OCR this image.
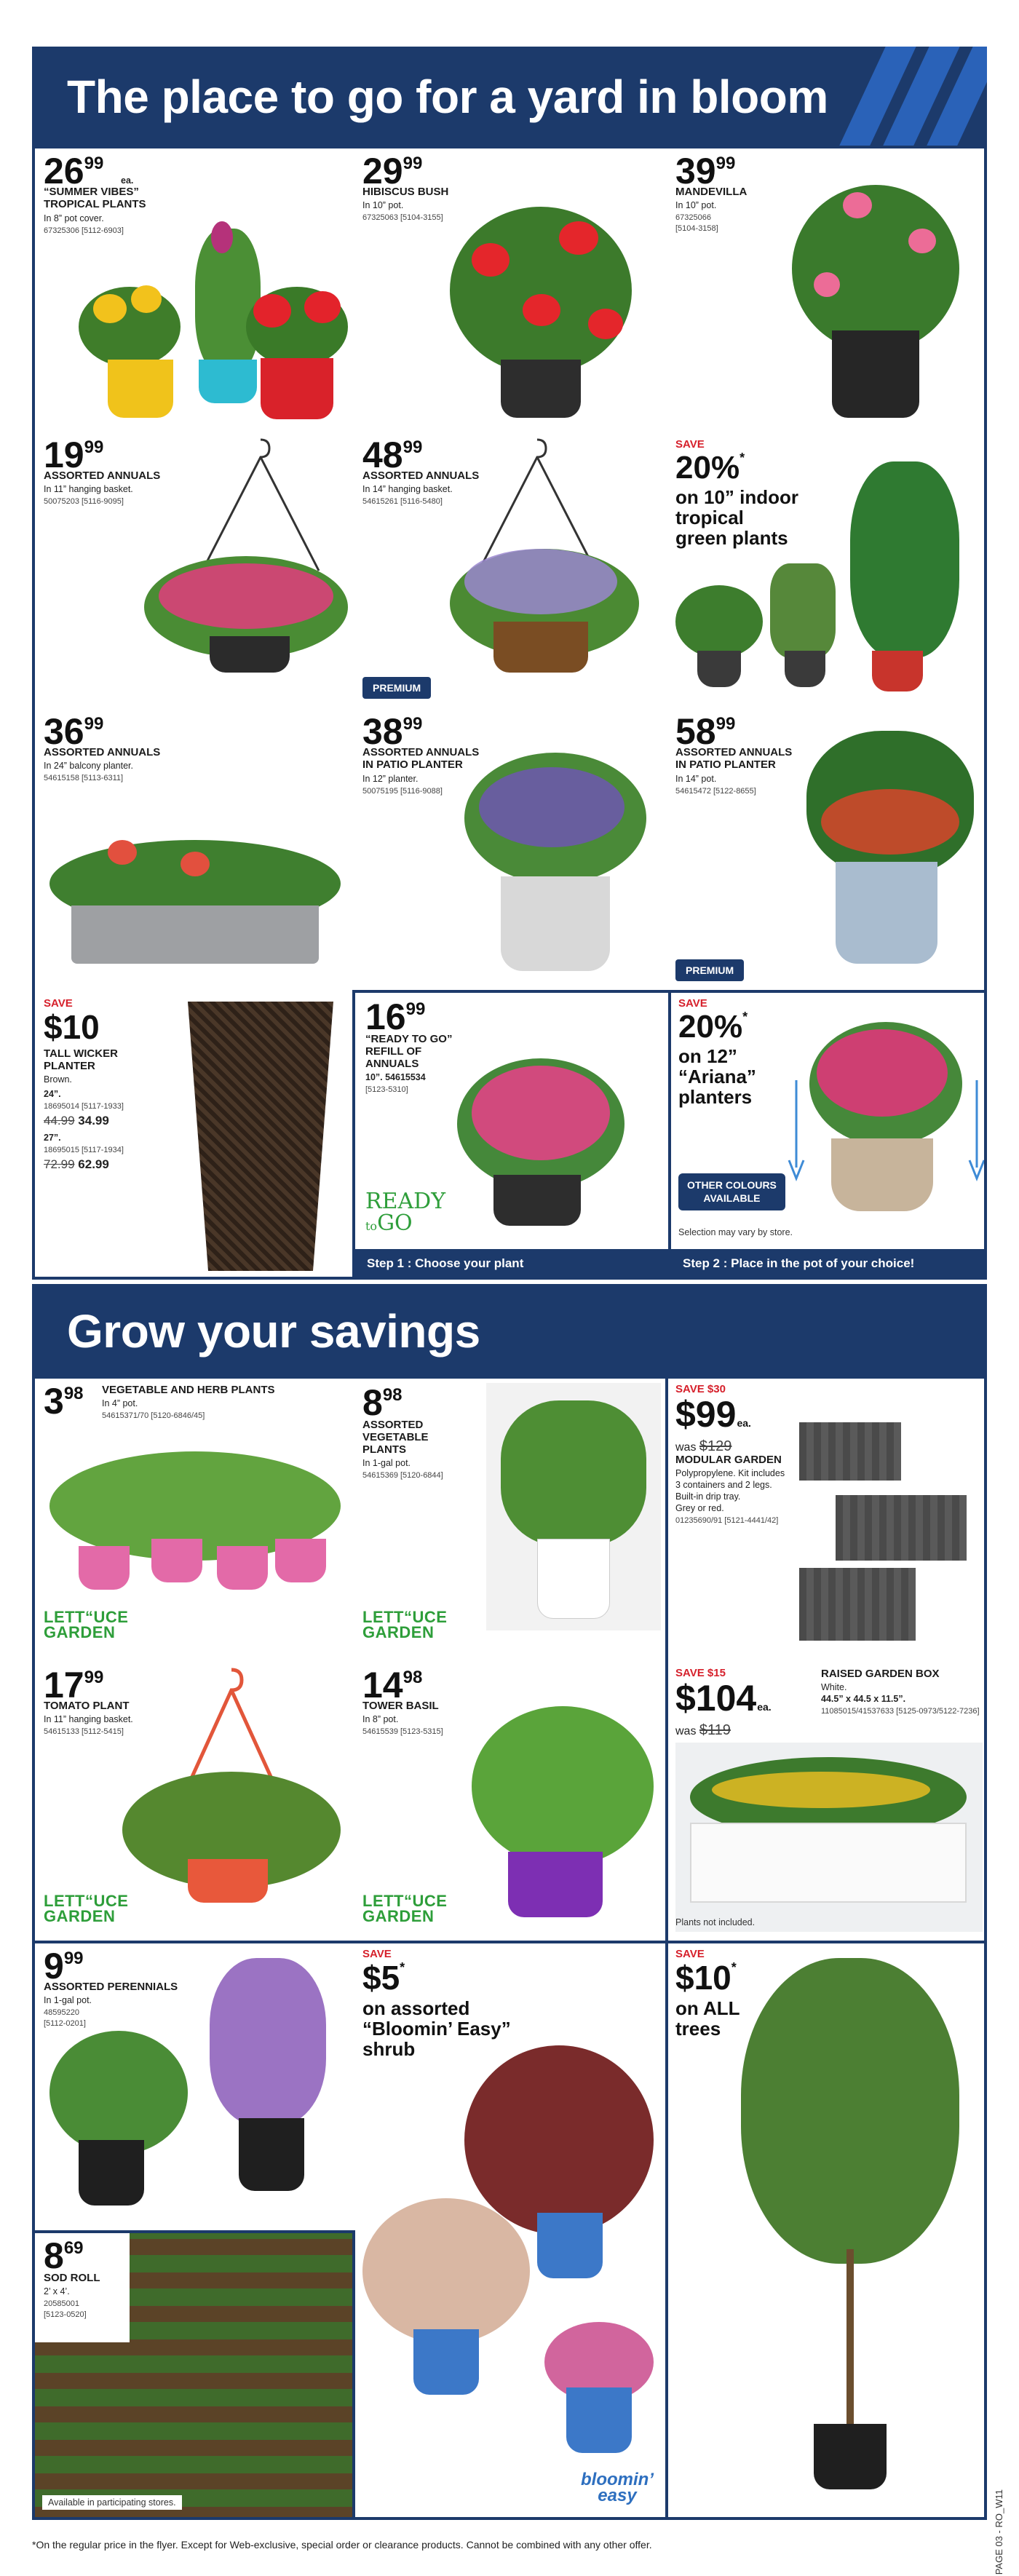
The place to go for a yard in bloom
2699
ea.
“SUMMER VIBES”
TROPICAL PLANTS
In 8” pot cover.
67325306 [5112-6903]
2999
HIBISCUS BUSH
In 10” pot.
67325063 [5104-3155]
3999
MANDEVILLA
In 10” pot.
67325066
[5104-3158]
1999
ASSORTED ANNUALS
In 11” hanging basket.
50075203 [5116-9095]
4899
ASSORTED ANNUALS
In 14” hanging basket.
54615261 [5116-5480]
PREMIUM
SAVE
20%*
on 10” indoor
tropical
green plants
3699
ASSORTED ANNUALS
In 24” balcony planter.
54615158 [5113-6311]
3899
ASSORTED ANNUALS
IN PATIO PLANTER
In 12” planter.
50075195 [5116-9088]
5899
ASSORTED ANNUALS
IN PATIO PLANTER
In 14” pot.
54615472 [5122-8655]
PREMIUM
SAVE
$10
TALL WICKER
PLANTER
Brown.
24”.
18695014 [5117-1933]
44.99 34.99
27”.
18695015 [5117-1934]
72.99 62.99
1699
“READY TO GO”
REFILL OF
ANNUALS
10”. 54615534
[5123-5310]
READY
toGO
Step 1 : Choose your plant
SAVE
20%*
on 12”
“Ariana”
planters
OTHER COLOURS
AVAILABLE
Selection may vary by store.
Step 2 : Place in the pot of your choice!
Grow your savings
398 VEGETABLE AND HERB PLANTS
In 4” pot.
54615371/70 [5120-6846/45]
LETT“UCE
GARDEN
898
ASSORTED
VEGETABLE
PLANTS
In 1-gal pot.
54615369 [5120-6844]
LETT“UCE
GARDEN
SAVE $30
$99ea.
was $129
MODULAR GARDEN
Polypropylene. Kit includes
3 containers and 2 legs.
Built-in drip tray.
Grey or red.
01235690/91 [5121-4441/42]
1799
TOMATO PLANT
In 11” hanging basket.
54615133 [5112-5415]
LETT“UCE
GARDEN
1498
TOWER BASIL
In 8” pot.
54615539 [5123-5315]
LETT“UCE
GARDEN
SAVE $15
$104ea.
was $119
RAISED GARDEN BOX
White.
44.5” x 44.5 x 11.5”.
11085015/41537633 [5125-0973/5122-7236]
Plants not included.
999
ASSORTED PERENNIALS
In 1-gal pot.
48595220
[5112-0201]
SAVE
$5*
on assorted
“Bloomin’ Easy”
shrub
bloomin’
easy
SAVE
$10*
on ALL
trees
869
SOD ROLL
2’ x 4’.
20585001
[5123-0520]
Available in participating stores.
*On the regular price in the flyer. Except for Web-exclusive, special order or clearance products. Cannot be combined with any other offer.	PAGE 03 - RO_W11
